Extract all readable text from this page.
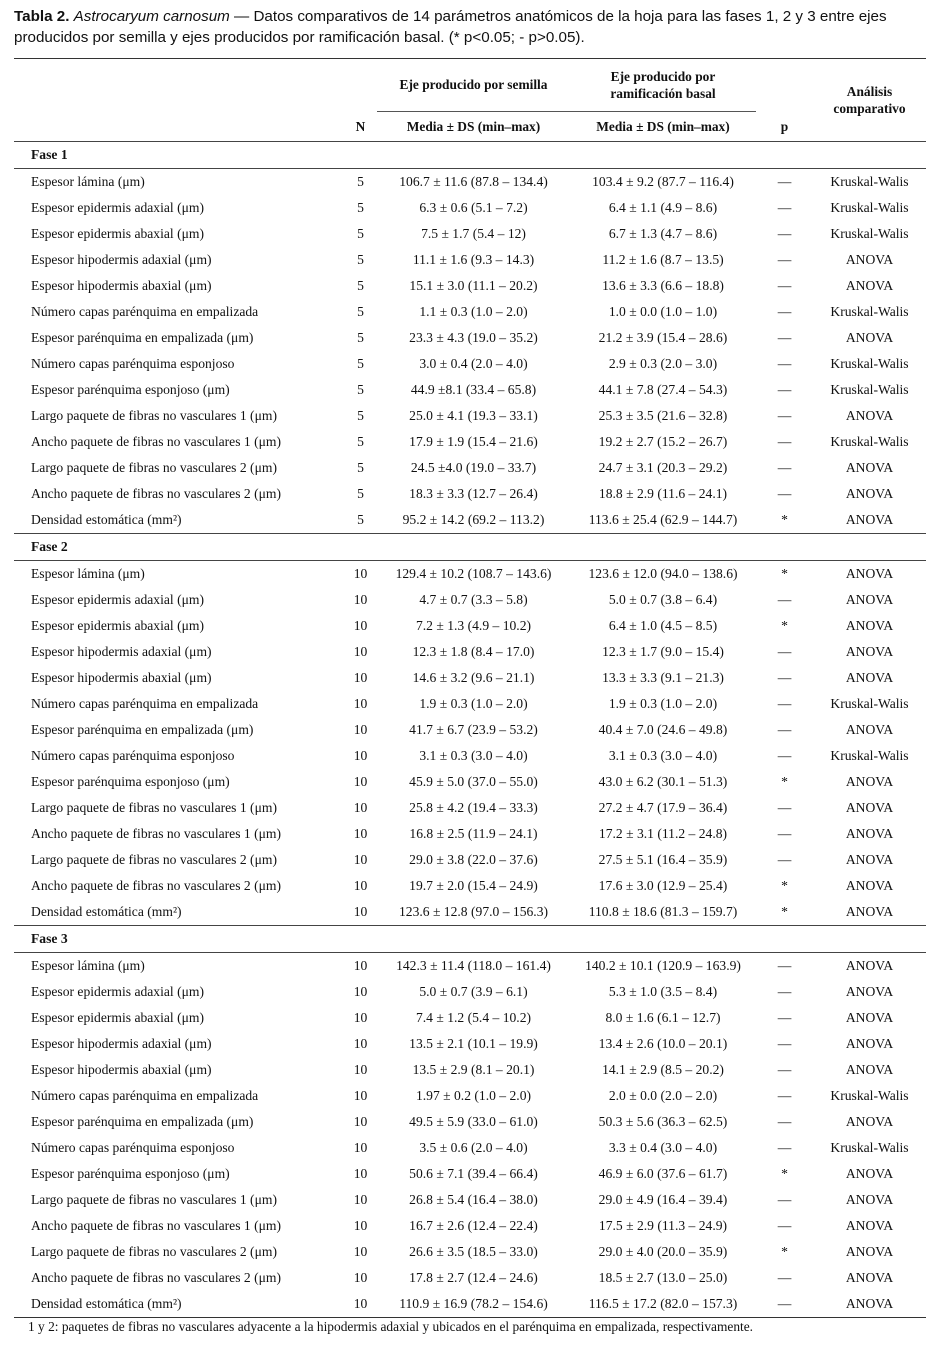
Tabla 2. Astrocaryum carnosum — Datos comparativos de 14 parámetros anatómicos de la hoja para las fases 1, 2 y 3 entre ejes producidos por semilla y ejes producidos por ramificación basal. (* p<0.05; - p>0.05).
		Eje producido por semilla	Eje producido por ramificación basal		Análisis comparativo
	N	Media ± DS (min–max)	Media ± DS (min–max)	p	
Fase 1					
Espesor lámina (μm)	5	106.7 ± 11.6 (87.8 – 134.4)	103.4 ± 9.2 (87.7 – 116.4)	—	Kruskal-Walis
Espesor epidermis adaxial (μm)	5	6.3 ± 0.6 (5.1 – 7.2)	6.4 ± 1.1 (4.9 – 8.6)	—	Kruskal-Walis
Espesor epidermis abaxial (μm)	5	7.5 ± 1.7 (5.4 – 12)	6.7 ± 1.3 (4.7 – 8.6)	—	Kruskal-Walis
Espesor hipodermis adaxial (μm)	5	11.1 ± 1.6 (9.3 – 14.3)	11.2 ± 1.6 (8.7 – 13.5)	—	ANOVA
Espesor hipodermis abaxial (μm)	5	15.1 ± 3.0 (11.1 – 20.2)	13.6 ± 3.3 (6.6 – 18.8)	—	ANOVA
Número capas parénquima en empalizada	5	1.1 ± 0.3 (1.0 – 2.0)	1.0 ± 0.0 (1.0 – 1.0)	—	Kruskal-Walis
Espesor parénquima en empalizada (μm)	5	23.3 ± 4.3 (19.0 – 35.2)	21.2 ± 3.9 (15.4 – 28.6)	—	ANOVA
Número capas parénquima esponjoso	5	3.0 ± 0.4 (2.0 – 4.0)	2.9 ± 0.3 (2.0 – 3.0)	—	Kruskal-Walis
Espesor parénquima esponjoso (μm)	5	44.9 ±8.1 (33.4 – 65.8)	44.1 ± 7.8 (27.4 – 54.3)	—	Kruskal-Walis
Largo paquete de fibras no vasculares 1 (μm)	5	25.0 ± 4.1 (19.3 – 33.1)	25.3 ± 3.5 (21.6 – 32.8)	—	ANOVA
Ancho paquete de fibras no vasculares 1 (μm)	5	17.9 ± 1.9 (15.4 – 21.6)	19.2 ± 2.7 (15.2 – 26.7)	—	Kruskal-Walis
Largo paquete de fibras no vasculares 2 (μm)	5	24.5 ±4.0 (19.0 – 33.7)	24.7 ± 3.1 (20.3 – 29.2)	—	ANOVA
Ancho paquete de fibras no vasculares 2 (μm)	5	18.3 ± 3.3 (12.7 – 26.4)	18.8 ± 2.9 (11.6 – 24.1)	—	ANOVA
Densidad estomática (mm²)	5	95.2 ± 14.2 (69.2 – 113.2)	113.6 ± 25.4 (62.9 – 144.7)	*	ANOVA
Fase 2					
Espesor lámina (μm)	10	129.4 ± 10.2 (108.7 – 143.6)	123.6 ± 12.0 (94.0 – 138.6)	*	ANOVA
Espesor epidermis adaxial (μm)	10	4.7 ± 0.7 (3.3 – 5.8)	5.0 ± 0.7 (3.8 – 6.4)	—	ANOVA
Espesor epidermis abaxial (μm)	10	7.2 ± 1.3 (4.9 – 10.2)	6.4 ± 1.0 (4.5 – 8.5)	*	ANOVA
Espesor hipodermis adaxial (μm)	10	12.3 ± 1.8 (8.4 – 17.0)	12.3 ± 1.7 (9.0 – 15.4)	—	ANOVA
Espesor hipodermis abaxial (μm)	10	14.6 ± 3.2 (9.6 – 21.1)	13.3 ± 3.3 (9.1 – 21.3)	—	ANOVA
Número capas parénquima en empalizada	10	1.9 ± 0.3 (1.0 – 2.0)	1.9 ± 0.3 (1.0 – 2.0)	—	Kruskal-Walis
Espesor parénquima en empalizada (μm)	10	41.7 ± 6.7 (23.9 – 53.2)	40.4 ± 7.0 (24.6 – 49.8)	—	ANOVA
Número capas parénquima esponjoso	10	3.1 ± 0.3 (3.0 – 4.0)	3.1 ± 0.3 (3.0 – 4.0)	—	Kruskal-Walis
Espesor parénquima esponjoso (μm)	10	45.9 ± 5.0 (37.0 – 55.0)	43.0 ± 6.2 (30.1 – 51.3)	*	ANOVA
Largo paquete de fibras no vasculares 1 (μm)	10	25.8 ± 4.2 (19.4 – 33.3)	27.2 ± 4.7 (17.9 – 36.4)	—	ANOVA
Ancho paquete de fibras no vasculares 1 (μm)	10	16.8 ± 2.5 (11.9 – 24.1)	17.2 ± 3.1 (11.2 – 24.8)	—	ANOVA
Largo paquete de fibras no vasculares 2 (μm)	10	29.0 ± 3.8 (22.0 – 37.6)	27.5 ± 5.1 (16.4 – 35.9)	—	ANOVA
Ancho paquete de fibras no vasculares 2 (μm)	10	19.7 ± 2.0 (15.4 – 24.9)	17.6 ± 3.0 (12.9 – 25.4)	*	ANOVA
Densidad estomática (mm²)	10	123.6 ± 12.8 (97.0 – 156.3)	110.8 ± 18.6 (81.3 – 159.7)	*	ANOVA
Fase 3					
Espesor lámina (μm)	10	142.3 ± 11.4 (118.0 – 161.4)	140.2 ± 10.1 (120.9 – 163.9)	—	ANOVA
Espesor epidermis adaxial (μm)	10	5.0 ± 0.7 (3.9 – 6.1)	5.3 ± 1.0 (3.5 – 8.4)	—	ANOVA
Espesor epidermis abaxial (μm)	10	7.4 ± 1.2 (5.4 – 10.2)	8.0 ± 1.6 (6.1 – 12.7)	—	ANOVA
Espesor hipodermis adaxial (μm)	10	13.5 ± 2.1 (10.1 – 19.9)	13.4 ± 2.6 (10.0 – 20.1)	—	ANOVA
Espesor hipodermis abaxial (μm)	10	13.5 ± 2.9 (8.1 – 20.1)	14.1 ± 2.9 (8.5 – 20.2)	—	ANOVA
Número capas parénquima en empalizada	10	1.97 ± 0.2 (1.0 – 2.0)	2.0 ± 0.0 (2.0 – 2.0)	—	Kruskal-Walis
Espesor parénquima en empalizada (μm)	10	49.5 ± 5.9 (33.0 – 61.0)	50.3 ± 5.6 (36.3 – 62.5)	—	ANOVA
Número capas parénquima esponjoso	10	3.5 ± 0.6 (2.0 – 4.0)	3.3 ± 0.4 (3.0 – 4.0)	—	Kruskal-Walis
Espesor parénquima esponjoso (μm)	10	50.6 ± 7.1 (39.4 – 66.4)	46.9 ± 6.0 (37.6 – 61.7)	*	ANOVA
Largo paquete de fibras no vasculares 1 (μm)	10	26.8 ± 5.4 (16.4 – 38.0)	29.0 ± 4.9 (16.4 – 39.4)	—	ANOVA
Ancho paquete de fibras no vasculares 1 (μm)	10	16.7 ± 2.6 (12.4 – 22.4)	17.5 ± 2.9 (11.3 – 24.9)	—	ANOVA
Largo paquete de fibras no vasculares 2 (μm)	10	26.6 ± 3.5 (18.5 – 33.0)	29.0 ± 4.0 (20.0 – 35.9)	*	ANOVA
Ancho paquete de fibras no vasculares 2 (μm)	10	17.8 ± 2.7 (12.4 – 24.6)	18.5 ± 2.7 (13.0 – 25.0)	—	ANOVA
Densidad estomática (mm²)	10	110.9 ± 16.9 (78.2 – 154.6)	116.5 ± 17.2 (82.0 – 157.3)	—	ANOVA
1 y 2: paquetes de fibras no vasculares adyacente a la hipodermis adaxial y ubicados en el parénquima en empalizada, respectivamente.
